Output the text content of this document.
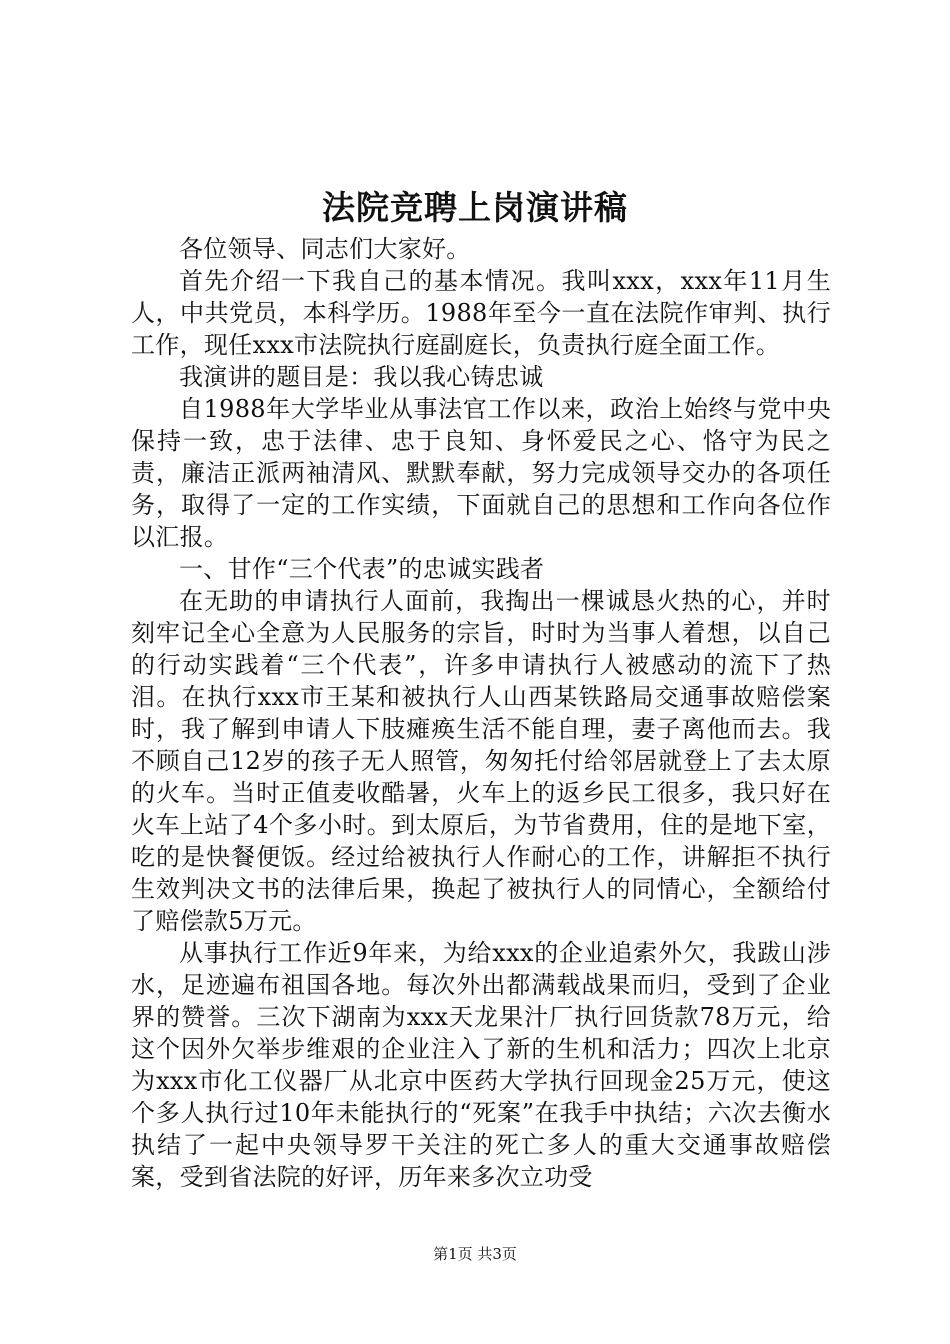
法院竞聘上岗演讲稿

各位领导、同志们大家好。

首先介绍一下我自己的基本情况。我叫xxx，xxx年11月生人，中共党员，本科学历。1988年至今一直在法院作审判、执行工作，现任xxx市法院执行庭副庭长，负责执行庭全面工作。

我演讲的题目是：我以我心铸忠诚

自1988年大学毕业从事法官工作以来，政治上始终与党中央保持一致，忠于法律、忠于良知、身怀爱民之心、恪守为民之责，廉洁正派两袖清风、默默奉献，努力完成领导交办的各项任务，取得了一定的工作实绩，下面就自己的思想和工作向各位作以汇报。

一、甘作“三个代表”的忠诚实践者

在无助的申请执行人面前，我掏出一棵诚恳火热的心，并时刻牢记全心全意为人民服务的宗旨，时时为当事人着想，以自己的行动实践着“三个代表”，许多申请执行人被感动的流下了热泪。在执行xxx市王某和被执行人山西某铁路局交通事故赔偿案时，我了解到申请人下肢瘫痪生活不能自理，妻子离他而去。我不顾自己12岁的孩子无人照管，匆匆托付给邻居就登上了去太原的火车。当时正值麦收酷暑，火车上的返乡民工很多，我只好在火车上站了4个多小时。到太原后，为节省费用，住的是地下室，吃的是快餐便饭。经过给被执行人作耐心的工作，讲解拒不执行生效判决文书的法律后果，换起了被执行人的同情心，全额给付了赔偿款5万元。

从事执行工作近9年来，为给xxx的企业追索外欠，我跋山涉水，足迹遍布祖国各地。每次外出都满载战果而归，受到了企业界的赞誉。三次下湖南为xxx天龙果汁厂执行回货款78万元，给这个因外欠举步维艰的企业注入了新的生机和活力；四次上北京为xxx市化工仪器厂从北京中医药大学执行回现金25万元，使这个多人执行过10年未能执行的“死案”在我手中执结；六次去衡水执结了一起中央领导罗干关注的死亡多人的重大交通事故赔偿案，受到省法院的好评，历年来多次立功受

第1页 共3页
